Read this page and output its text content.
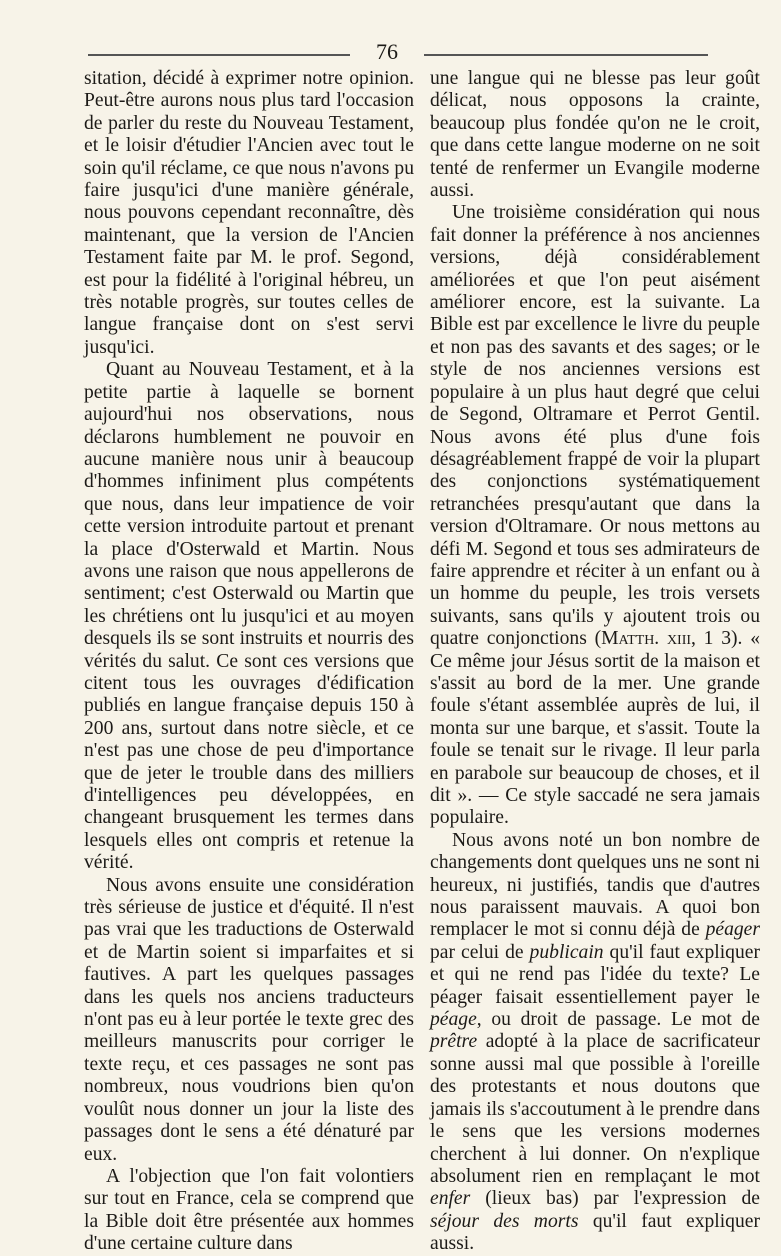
76

sitation, décidé à exprimer notre opinion. Peut-être aurons nous plus tard l'occasion de parler du reste du Nouveau Testament, et le loisir d'étudier l'Ancien avec tout le soin qu'il réclame, ce que nous n'avons pu faire jusqu'ici d'une manière générale, nous pouvons cependant reconnaître, dès maintenant, que la version de l'Ancien Testament faite par M. le prof. Segond, est pour la fidélité à l'original hébreu, un très notable progrès, sur toutes celles de langue française dont on s'est servi jusqu'ici.

Quant au Nouveau Testament, et à la petite partie à laquelle se bornent aujourd'hui nos observations, nous déclarons humblement ne pouvoir en aucune manière nous unir à beaucoup d'hommes infiniment plus compétents que nous, dans leur impatience de voir cette version introduite partout et prenant la place d'Osterwald et Martin. Nous avons une raison que nous appellerons de sentiment; c'est Osterwald ou Martin que les chrétiens ont lu jusqu'ici et au moyen desquels ils se sont instruits et nourris des vérités du salut. Ce sont ces versions que citent tous les ouvrages d'édification publiés en langue française depuis 150 à 200 ans, surtout dans notre siècle, et ce n'est pas une chose de peu d'importance que de jeter le trouble dans des milliers d'intelligences peu développées, en changeant brusquement les termes dans lesquels elles ont compris et retenue la vérité.

Nous avons ensuite une considération très sérieuse de justice et d'équité. Il n'est pas vrai que les traductions de Osterwald et de Martin soient si imparfaites et si fautives. A part les quelques passages dans les quels nos anciens traducteurs n'ont pas eu à leur portée le texte grec des meilleurs manuscrits pour corriger le texte reçu, et ces passages ne sont pas nombreux, nous voudrions bien qu'on voulût nous donner un jour la liste des passages dont le sens a été dénaturé par eux.

A l'objection que l'on fait volontiers sur tout en France, cela se comprend que la Bible doit être présentée aux hommes d'une certaine culture dans

une langue qui ne blesse pas leur goût délicat, nous opposons la crainte, beaucoup plus fondée qu'on ne le croit, que dans cette langue moderne on ne soit tenté de renfermer un Evangile moderne aussi.

Une troisième considération qui nous fait donner la préférence à nos anciennes versions, déjà considérablement améliorées et que l'on peut aisément améliorer encore, est la suivante. La Bible est par excellence le livre du peuple et non pas des savants et des sages; or le style de nos anciennes versions est populaire à un plus haut degré que celui de Segond, Oltramare et Perrot Gentil. Nous avons été plus d'une fois désagréablement frappé de voir la plupart des conjonctions systématiquement retranchées presqu'autant que dans la version d'Oltramare. Or nous mettons au défi M. Segond et tous ses admirateurs de faire apprendre et réciter à un enfant ou à un homme du peuple, les trois versets suivants, sans qu'ils y ajoutent trois ou quatre conjonctions (Matth. xiii, 1 3). « Ce même jour Jésus sortit de la maison et s'assit au bord de la mer. Une grande foule s'étant assemblée auprès de lui, il monta sur une barque, et s'assit. Toute la foule se tenait sur le rivage. Il leur parla en parabole sur beaucoup de choses, et il dit ». — Ce style saccadé ne sera jamais populaire.

Nous avons noté un bon nombre de changements dont quelques uns ne sont ni heureux, ni justifiés, tandis que d'autres nous paraissent mauvais. A quoi bon remplacer le mot si connu déjà de péager par celui de publicain qu'il faut expliquer et qui ne rend pas l'idée du texte? Le péager faisait essentiellement payer le péage, ou droit de passage. Le mot de prêtre adopté à la place de sacrificateur sonne aussi mal que possible à l'oreille des protestants et nous doutons que jamais ils s'accoutument à le prendre dans le sens que les versions modernes cherchent à lui donner. On n'explique absolument rien en remplaçant le mot enfer (lieux bas) par l'expression de séjour des morts qu'il faut expliquer aussi.
